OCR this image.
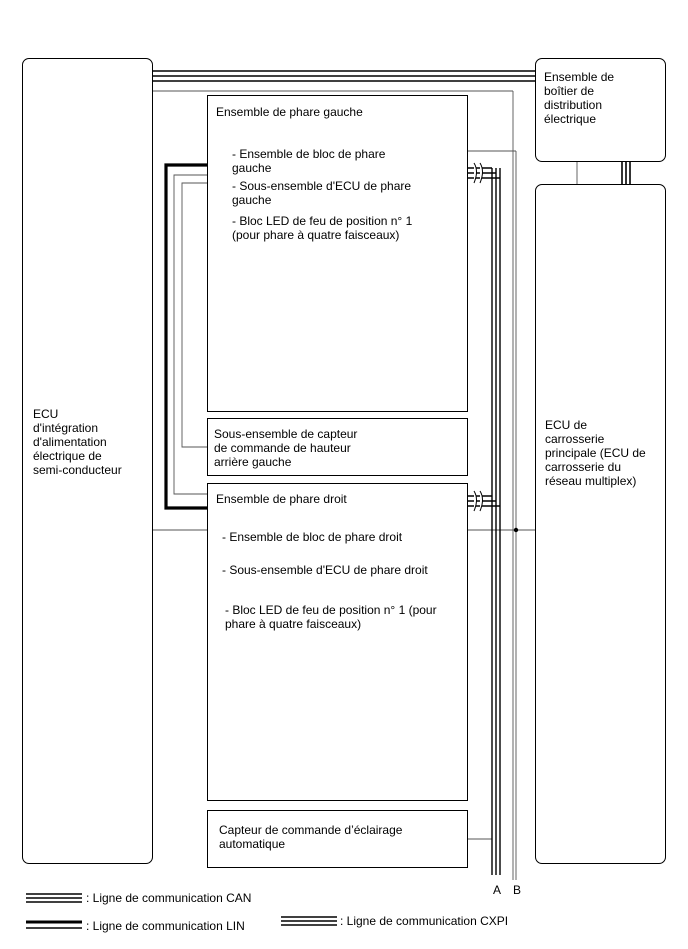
ECU
d'intégration
d'alimentation
électrique de
semi-conducteur
Ensemble de
boîtier de
distribution
électrique
ECU de
carrosserie
principale (ECU de
carrosserie du
réseau multiplex)
Ensemble de phare gauche
- Ensemble de bloc de phare
gauche
- Sous-ensemble d'ECU de phare
gauche
- Bloc LED de feu de position n° 1
(pour phare à quatre faisceaux)
Sous-ensemble de capteur
de commande de hauteur
arrière gauche
Ensemble de phare droit
- Ensemble de bloc de phare droit
- Sous-ensemble d'ECU de phare droit
- Bloc LED de feu de position n° 1 (pour
phare à quatre faisceaux)
Capteur de commande d’éclairage
automatique
A B
: Ligne de communication CAN
: Ligne de communication LIN	: Ligne de communication CXPI
